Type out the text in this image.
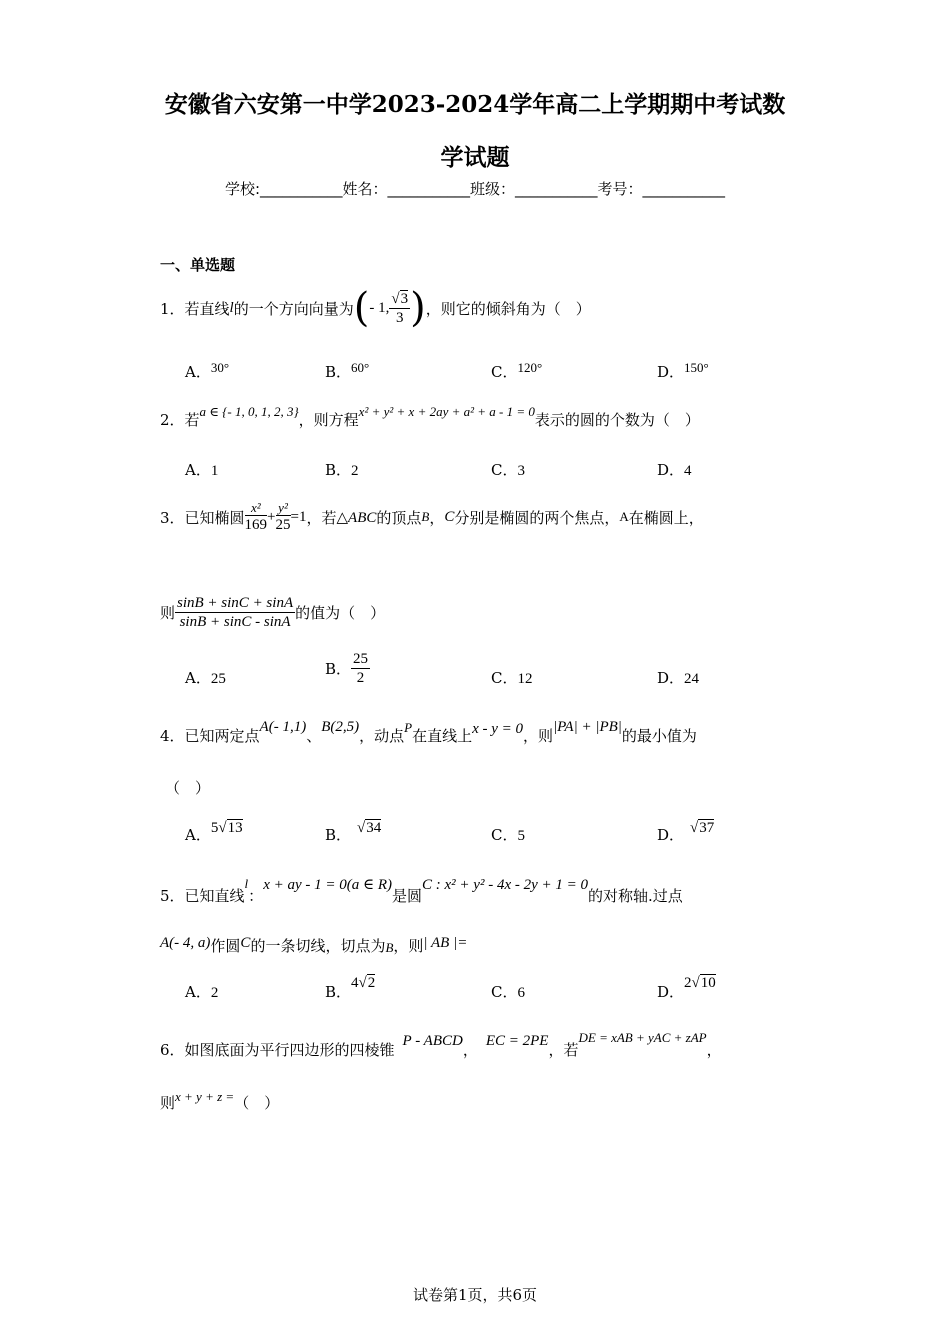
安徽省六安第一中学2023-2024学年高二上学期期中考试数
学试题
学校:___________姓名：___________班级：___________考号：___________
一、单选题
1．若直线 l 的一个方向向量为 ( - 1, $\frac{√3}{3}$ ) ，则它的倾斜角为（　）
A．30°	B．60°	C．120°	D．150°
2．若 a ∈ {- 1, 0, 1, 2, 3} ，则方程 x² + y² + x + 2ay + a² + a - 1 = 0 表示的圆的个数为（　）
A．1	B．2	C．3	D．4
3．已知椭圆 $\frac{\text{x²}}{169} + \frac{\text{y²}}{25} =1$ ，若 △ABC 的顶点 B ， C 分别是椭圆的两个焦点， A 在椭圆上，
则 $\frac{\sin B + \sin C + \sin A}{\sin B + \sin C - \sin A}$ 的值为（　）
A．25
B． $\frac{25}{2}$	C．12	D．24
4．已知两定点 A(- 1,1) 、 B(2,5) ，动点 P 在直线上 x - y = 0 ，则 |PA| + |PB| 的最小值为
（　）
A．5√13	B． √34	C．5	D． √37
5．已知直线
l
：
x + ay - 1 = 0(a ∈ R)
是圆
C : x² + y² - 4x - 2y + 1 = 0
的对称轴.过点
A(- 4, a) 作圆 C 的一条切线，切点为 B ，则 | AB |=
A．2	B．4√2	C．6	D．2√10
6．如图底面为平行四边形的四棱锥 P - ABCD ， EC = 2PE ，若
DE = xAB + yAC + zAP
，
则 x + y + z = （　）
试卷第1页，共6页
